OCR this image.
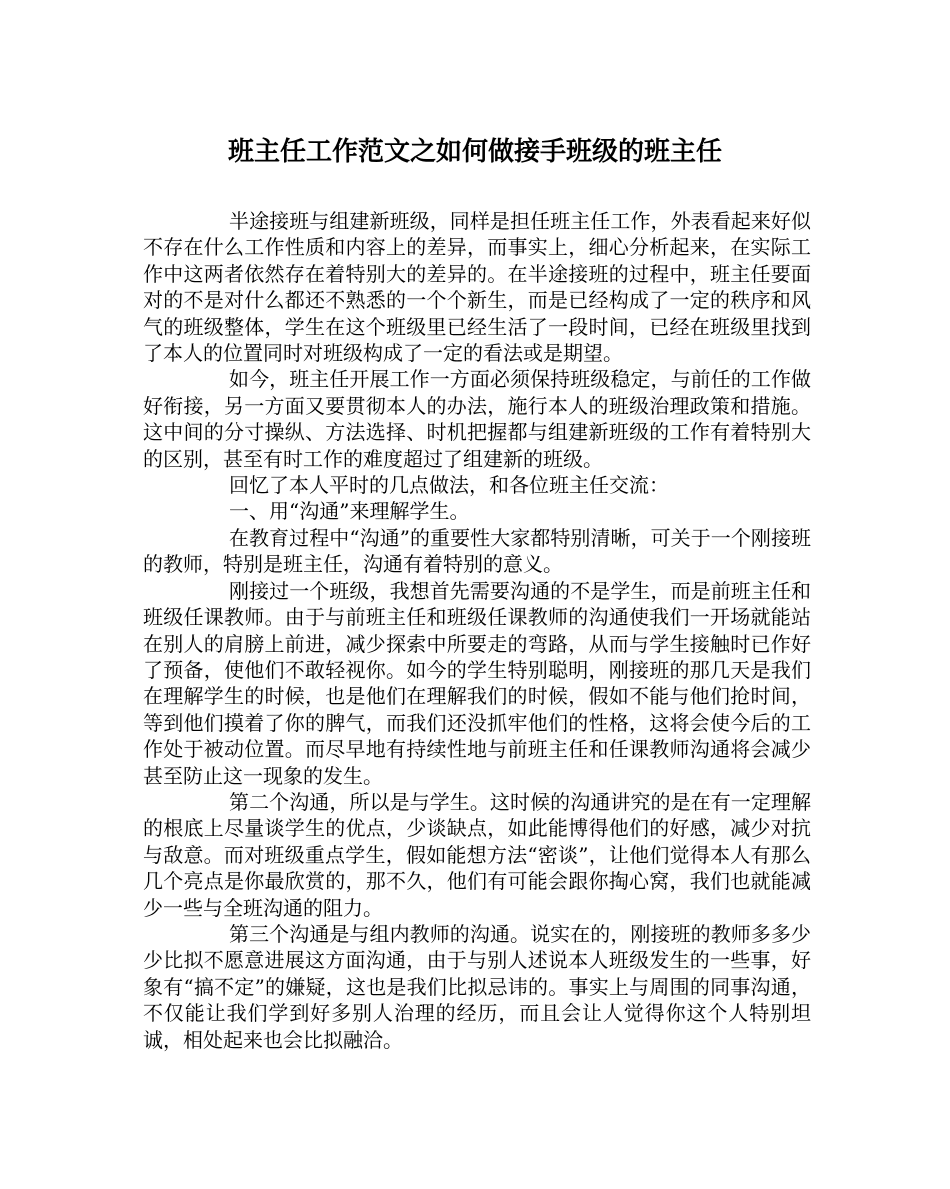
班主任工作范文之如何做接手班级的班主任

半途接班与组建新班级，同样是担任班主任工作，外表看起来好似不存在什么工作性质和内容上的差异，而事实上，细心分析起来，在实际工作中这两者依然存在着特别大的差异的。在半途接班的过程中，班主任要面对的不是对什么都还不熟悉的一个个新生，而是已经构成了一定的秩序和风气的班级整体，学生在这个班级里已经生活了一段时间，已经在班级里找到了本人的位置同时对班级构成了一定的看法或是期望。

如今，班主任开展工作一方面必须保持班级稳定，与前任的工作做好衔接，另一方面又要贯彻本人的办法，施行本人的班级治理政策和措施。这中间的分寸操纵、方法选择、时机把握都与组建新班级的工作有着特别大的区别，甚至有时工作的难度超过了组建新的班级。

回忆了本人平时的几点做法，和各位班主任交流：

一、用“沟通”来理解学生。

在教育过程中“沟通”的重要性大家都特别清晰，可关于一个刚接班的教师，特别是班主任，沟通有着特别的意义。

刚接过一个班级，我想首先需要沟通的不是学生，而是前班主任和班级任课教师。由于与前班主任和班级任课教师的沟通使我们一开场就能站在别人的肩膀上前进，减少探索中所要走的弯路，从而与学生接触时已作好了预备，使他们不敢轻视你。如今的学生特别聪明，刚接班的那几天是我们在理解学生的时候，也是他们在理解我们的时候，假如不能与他们抢时间，等到他们摸着了你的脾气，而我们还没抓牢他们的性格，这将会使今后的工作处于被动位置。而尽早地有持续性地与前班主任和任课教师沟通将会减少甚至防止这一现象的发生。

第二个沟通，所以是与学生。这时候的沟通讲究的是在有一定理解的根底上尽量谈学生的优点，少谈缺点，如此能博得他们的好感，减少对抗与敌意。而对班级重点学生，假如能想方法“密谈”，让他们觉得本人有那么几个亮点是你最欣赏的，那不久，他们有可能会跟你掏心窝，我们也就能减少一些与全班沟通的阻力。

第三个沟通是与组内教师的沟通。说实在的，刚接班的教师多多少少比拟不愿意进展这方面沟通，由于与别人述说本人班级发生的一些事，好象有“搞不定”的嫌疑，这也是我们比拟忌讳的。事实上与周围的同事沟通，不仅能让我们学到好多别人治理的经历，而且会让人觉得你这个人特别坦诚，相处起来也会比拟融洽。
